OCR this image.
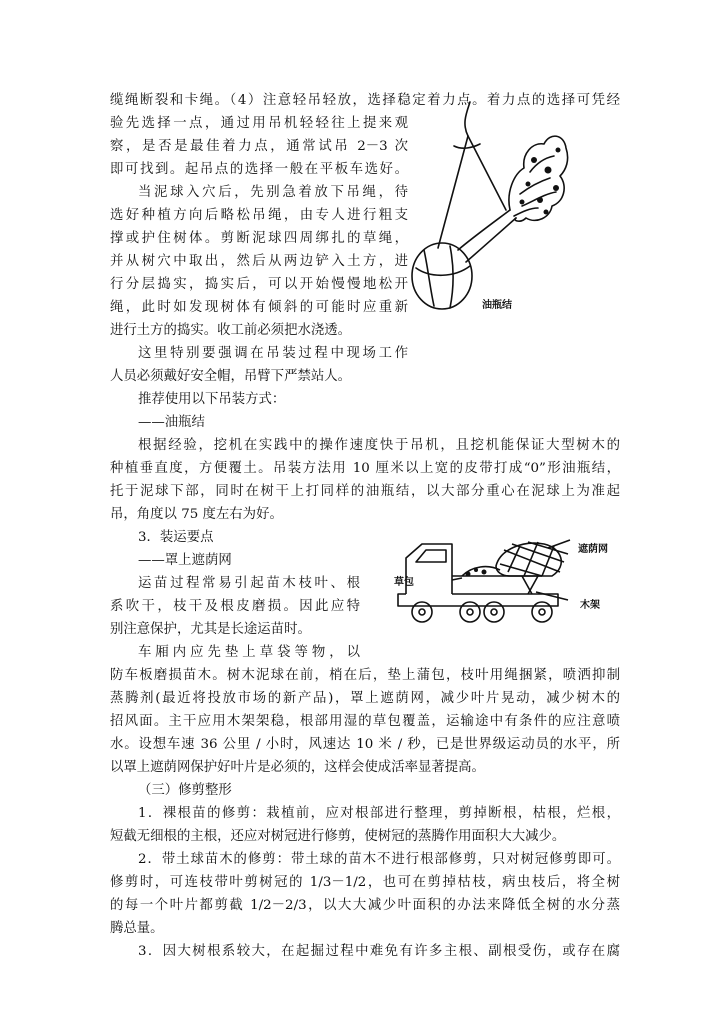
缆绳断裂和卡绳。（4）注意轻吊轻放，选择稳定着力点。着力点的选择可凭经
验先选择一点，通过用吊机轻轻往上提来观
察，是否是最佳着力点，通常试吊 2－3 次
即可找到。起吊点的选择一般在平板车选好。
当泥球入穴后，先别急着放下吊绳，待
选好种植方向后略松吊绳，由专人进行粗支
撑或护住树体。剪断泥球四周绑扎的草绳，
并从树穴中取出，然后从两边铲入土方，进
行分层捣实，捣实后，可以开始慢慢地松开
绳，此时如发现树体有倾斜的可能时应重新
进行土方的捣实。收工前必须把水浇透。
这里特别要强调在吊装过程中现场工作
人员必须戴好安全帽，吊臂下严禁站人。
推荐使用以下吊装方式：
——油瓶结
根据经验，挖机在实践中的操作速度快于吊机，且挖机能保证大型树木的
种植垂直度，方便覆土。吊装方法用 10 厘米以上宽的皮带打成“0”形油瓶结，
托于泥球下部，同时在树干上打同样的油瓶结，以大部分重心在泥球上为准起
吊，角度以 75 度左右为好。
3．装运要点
——罩上遮荫网
运苗过程常易引起苗木枝叶、根
系吹干，枝干及根皮磨损。因此应特
别注意保护，尤其是长途运苗时。
车厢内应先垫上草袋等物，以
防车板磨损苗木。树木泥球在前，梢在后，垫上蒲包，枝叶用绳捆紧，喷洒抑制
蒸腾剂(最近将投放市场的新产品)，罩上遮荫网，减少叶片晃动，减少树木的
招风面。主干应用木架架稳，根部用湿的草包覆盖，运输途中有条件的应注意喷
水。设想车速 36 公里 / 小时，风速达 10 米 / 秒，已是世界级运动员的水平，所
以罩上遮荫网保护好叶片是必须的，这样会使成活率显著提高。
（三）修剪整形
1．裸根苗的修剪：栽植前，应对根部进行整理，剪掉断根，枯根，烂根，
短截无细根的主根，还应对树冠进行修剪，使树冠的蒸腾作用面积大大减少。
2．带土球苗木的修剪：带土球的苗木不进行根部修剪，只对树冠修剪即可。
修剪时，可连枝带叶剪树冠的 1/3－1/2，也可在剪掉枯枝，病虫枝后，将全树
的每一个叶片都剪截 1/2－2/3，以大大减少叶面积的办法来降低全树的水分蒸
腾总量。
3．因大树根系较大，在起掘过程中难免有许多主根、副根受伤，或存在腐
油瓶结
遮荫网
草包
木架
